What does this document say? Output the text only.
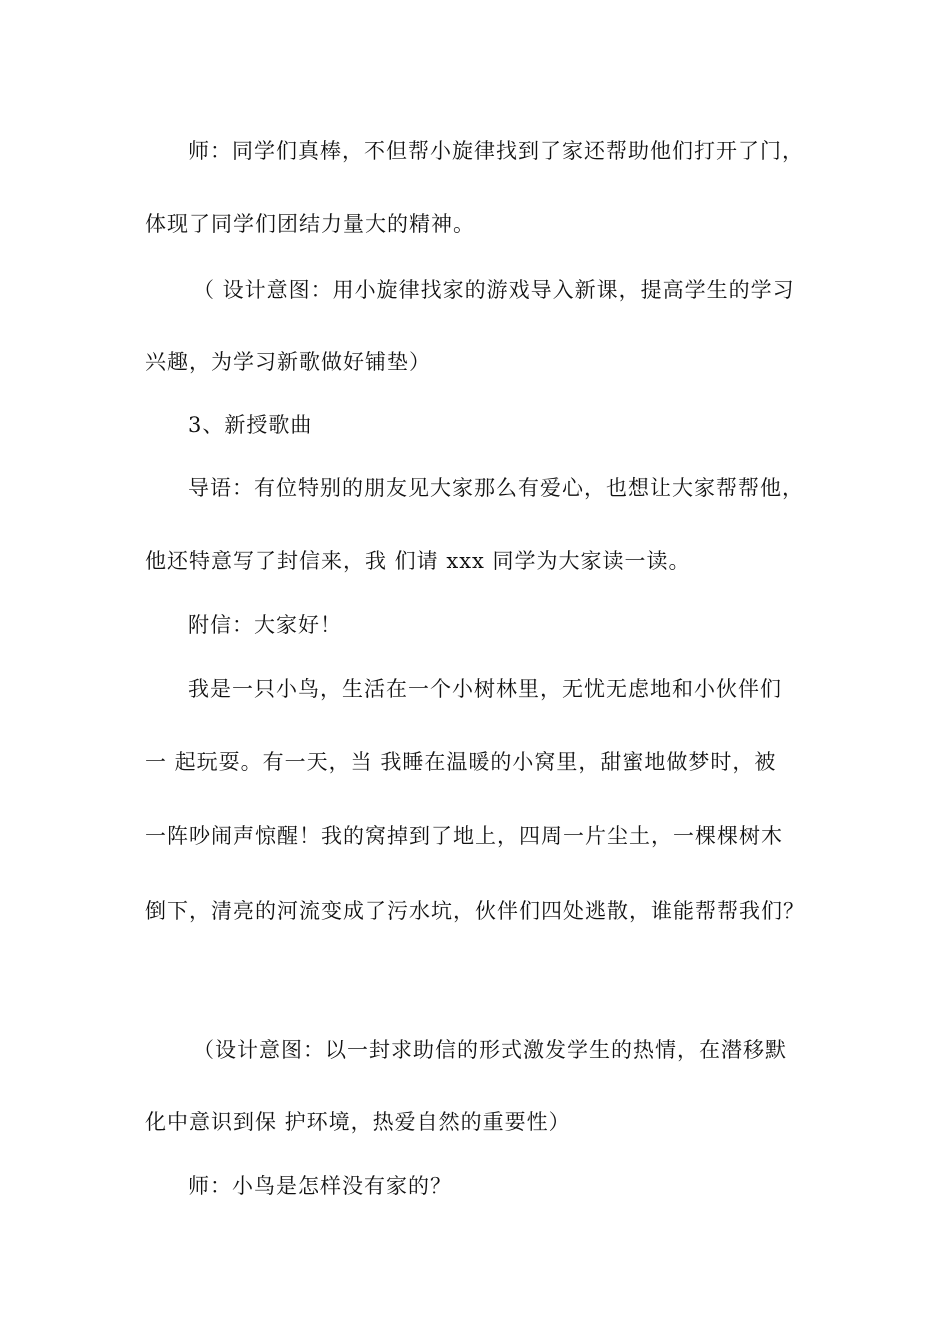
师：同学们真棒，不但帮小旋律找到了家还帮助他们打开了门，
体现了同学们团结力量大的精神。
（ 设计意图：用小旋律找家的游戏导入新课，提高学生的学习
兴趣，为学习新歌做好铺垫）
3、新授歌曲
导语：有位特别的朋友见大家那么有爱心，也想让大家帮帮他，
他还特意写了封信来，我 们请 xxx 同学为大家读一读。
附信：大家好！
我是一只小鸟，生活在一个小树林里，无忧无虑地和小伙伴们
一 起玩耍。有一天，当 我睡在温暖的小窝里，甜蜜地做梦时，被
一阵吵闹声惊醒！我的窝掉到了地上，四周一片尘土，一棵棵树木
倒下，清亮的河流变成了污水坑，伙伴们四处逃散，谁能帮帮我们？
（设计意图：以一封求助信的形式激发学生的热情，在潜移默
化中意识到保 护环境，热爱自然的重要性）
师：小鸟是怎样没有家的？
